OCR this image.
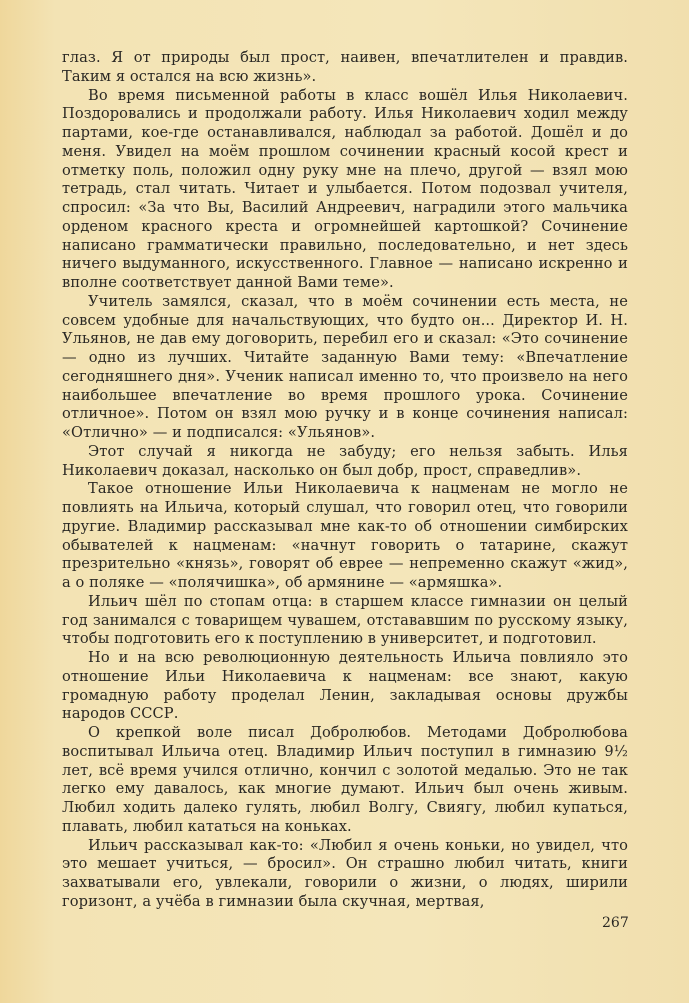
глаз. Я от природы был прост, наивен, впечатлителен и правдив. Таким я остался на всю жизнь».

Во время письменной работы в класс вошёл Илья Николаевич. Поздоровались и продолжали работу. Илья Николаевич ходил между партами, кое-где останавливался, наблюдал за работой. Дошёл и до меня. Увидел на моём прошлом сочинении красный косой крест и отметку поль, положил одну руку мне на плечо, другой — взял мою тетрадь, стал читать. Читает и улыбается. Потом подозвал учителя, спросил: «За что Вы, Василий Андреевич, наградили этого мальчика орденом красного креста и огромнейшей картошкой? Сочинение написано грамматически правильно, последовательно, и нет здесь ничего выдуманного, искусственного. Главное — написано искренно и вполне соответствует данной Вами теме».

Учитель замялся, сказал, что в моём сочинении есть места, не совсем удобные для начальствующих, что будто он... Директор И. Н. Ульянов, не дав ему договорить, перебил его и сказал: «Это сочинение — одно из лучших. Читайте заданную Вами тему: «Впечатление сегодняшнего дня». Ученик написал именно то, что произвело на него наибольшее впечатление во время прошлого урока. Сочинение отличное». Потом он взял мою ручку и в конце сочинения написал: «Отлично» — и подписался: «Ульянов».

Этот случай я никогда не забуду; его нельзя забыть. Илья Николаевич доказал, насколько он был добр, прост, справедлив».

Такое отношение Ильи Николаевича к нацменам не могло не повлиять на Ильича, который слушал, что говорил отец, что говорили другие. Владимир рассказывал мне как-то об отношении симбирских обывателей к нацменам: «начнут говорить о татарине, скажут презрительно «князь», говорят об еврее — непременно скажут «жид», а о поляке — «полячишка», об армянине — «армяшка».

Ильич шёл по стопам отца: в старшем классе гимназии он целый год занимался с товарищем чувашем, отстававшим по русскому языку, чтобы подготовить его к поступлению в университет, и подготовил.

Но и на всю революционную деятельность Ильича повлияло это отношение Ильи Николаевича к нацменам: все знают, какую громадную работу проделал Ленин, закладывая основы дружбы народов СССР.

О крепкой воле писал Добролюбов. Методами Добролюбова воспитывал Ильича отец. Владимир Ильич поступил в гимназию 9½ лет, всё время учился отлично, кончил с золотой медалью. Это не так легко ему давалось, как многие думают. Ильич был очень живым. Любил ходить далеко гулять, любил Волгу, Свиягу, любил купаться, плавать, любил кататься на коньках.

Ильич рассказывал как-то: «Любил я очень коньки, но увидел, что это мешает учиться, — бросил». Он страшно любил читать, книги захватывали его, увлекали, говорили о жизни, о людях, ширили горизонт, а учёба в гимназии была скучная, мертвая,

267
